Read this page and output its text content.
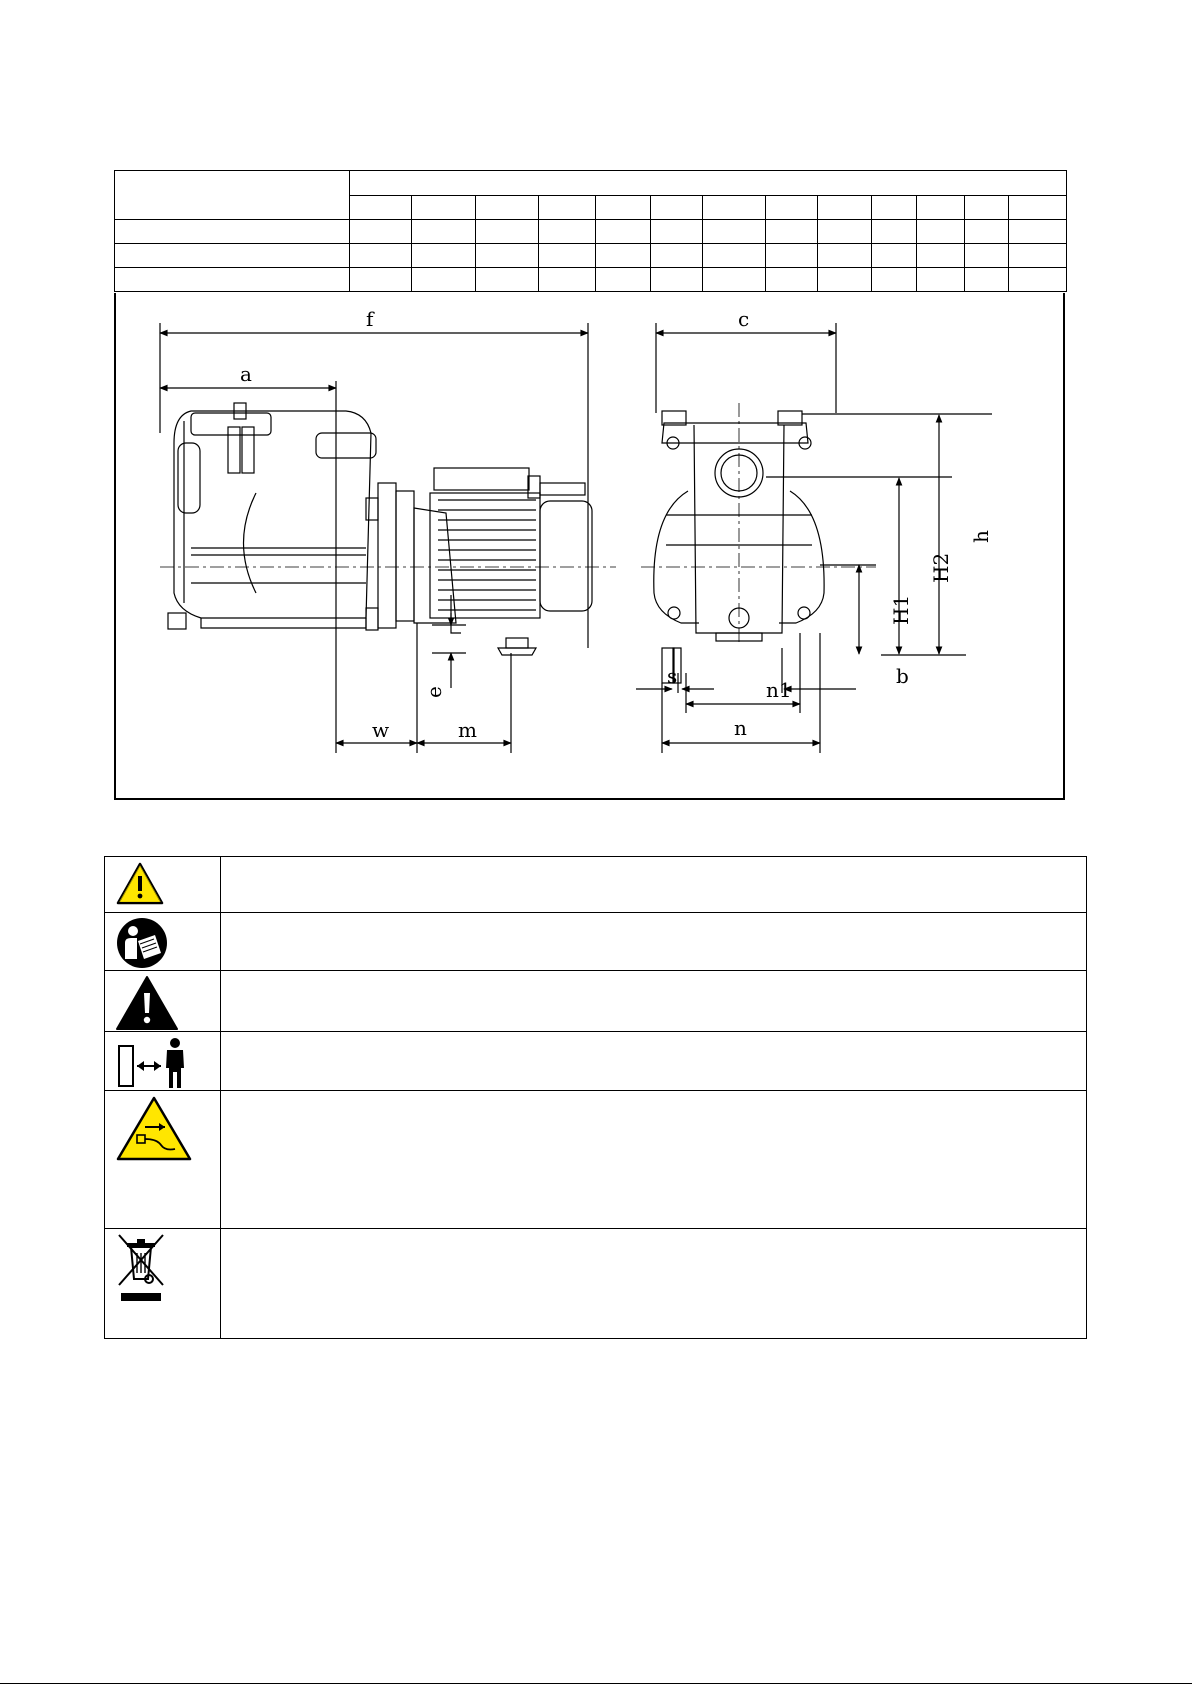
f
a
w	m
e
c
h
H2
H1
s
n1
b
n
